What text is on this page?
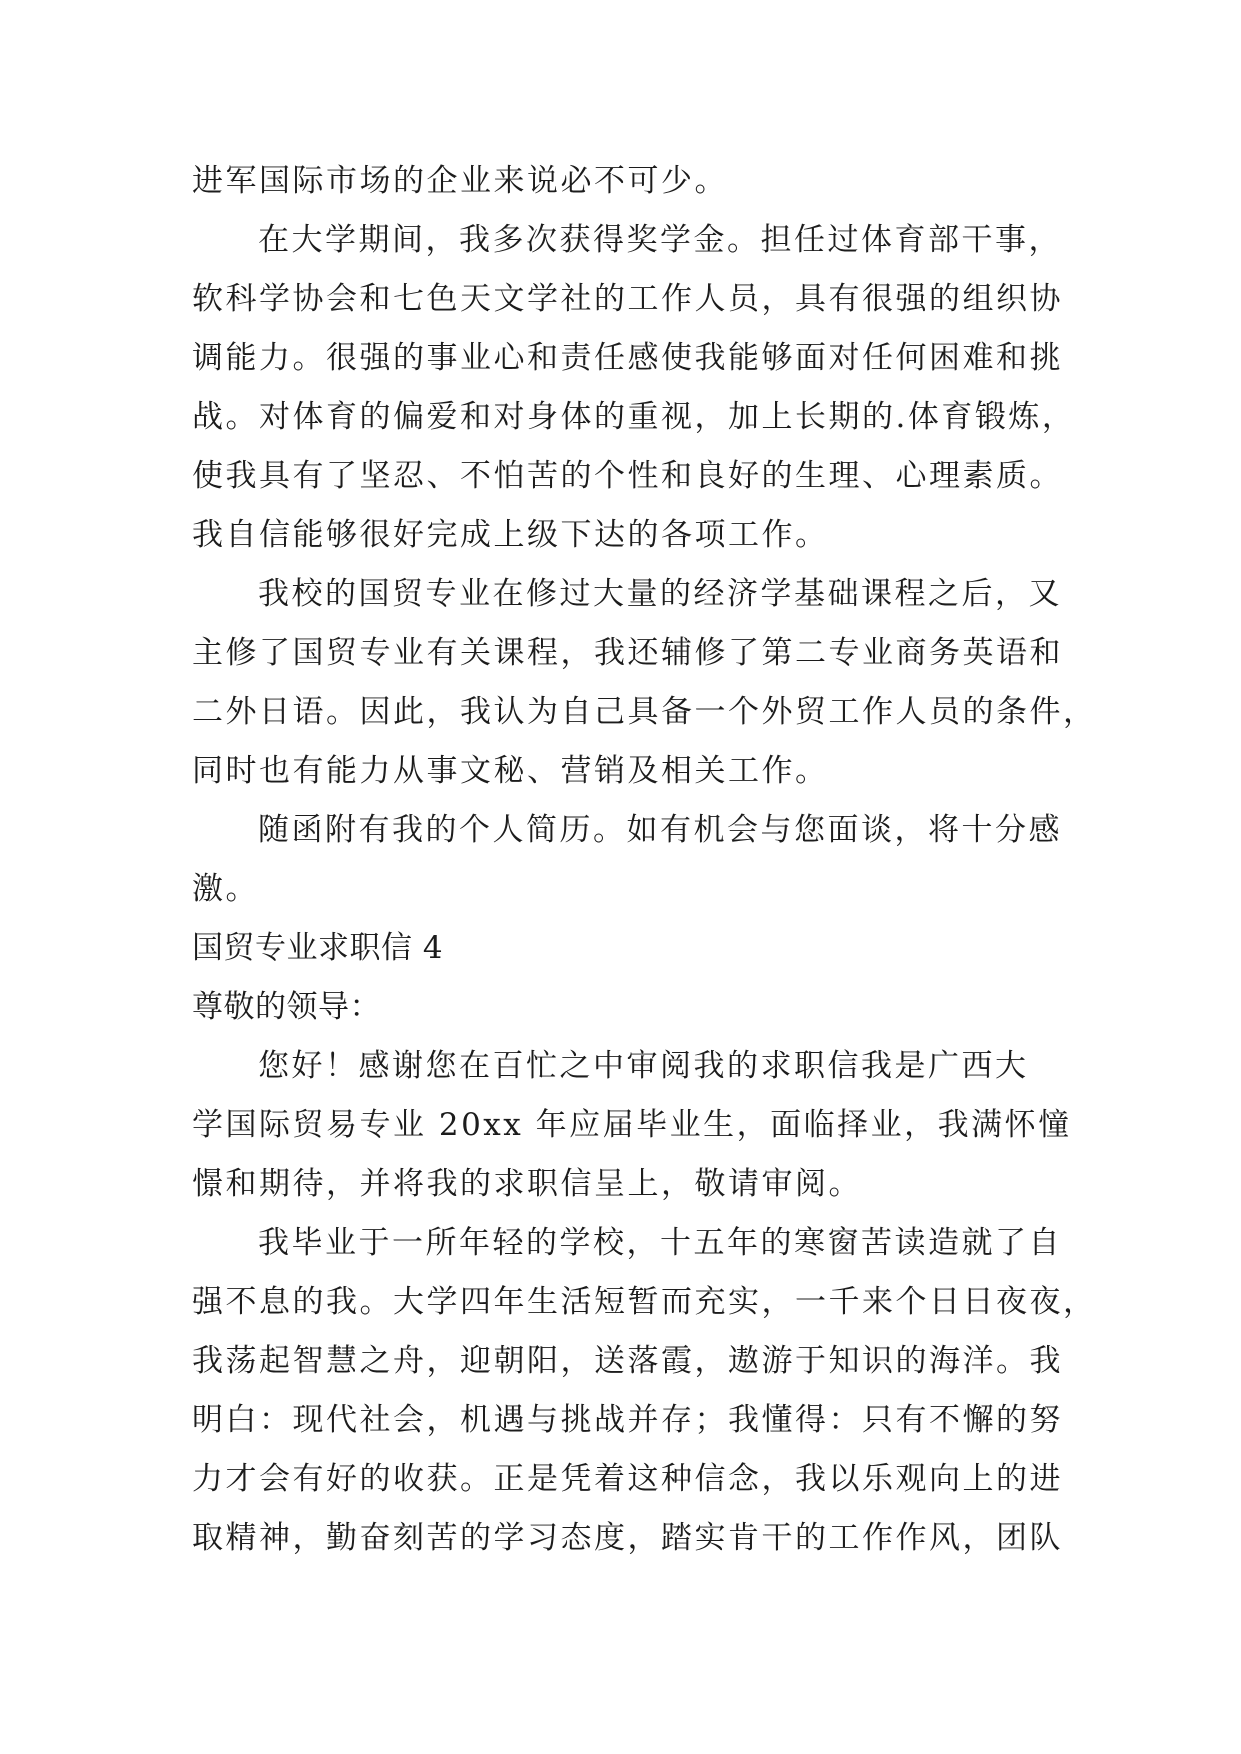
进军国际市场的企业来说必不可少。
在大学期间，我多次获得奖学金。担任过体育部干事，
软科学协会和七色天文学社的工作人员，具有很强的组织协
调能力。很强的事业心和责任感使我能够面对任何困难和挑
战。对体育的偏爱和对身体的重视，加上长期的.体育锻炼，
使我具有了坚忍、不怕苦的个性和良好的生理、心理素质。
我自信能够很好完成上级下达的各项工作。
我校的国贸专业在修过大量的经济学基础课程之后，又
主修了国贸专业有关课程，我还辅修了第二专业商务英语和
二外日语。因此，我认为自己具备一个外贸工作人员的条件，
同时也有能力从事文秘、营销及相关工作。
随函附有我的个人简历。如有机会与您面谈，将十分感
激。
国贸专业求职信 4
尊敬的领导：
您好！感谢您在百忙之中审阅我的求职信我是广西大
学国际贸易专业 20xx 年应届毕业生，面临择业，我满怀憧
憬和期待，并将我的求职信呈上，敬请审阅。
我毕业于一所年轻的学校，十五年的寒窗苦读造就了自
强不息的我。大学四年生活短暂而充实，一千来个日日夜夜，
我荡起智慧之舟，迎朝阳，送落霞，遨游于知识的海洋。我
明白：现代社会，机遇与挑战并存；我懂得：只有不懈的努
力才会有好的收获。正是凭着这种信念，我以乐观向上的进
取精神，勤奋刻苦的学习态度，踏实肯干的工作作风，团队
